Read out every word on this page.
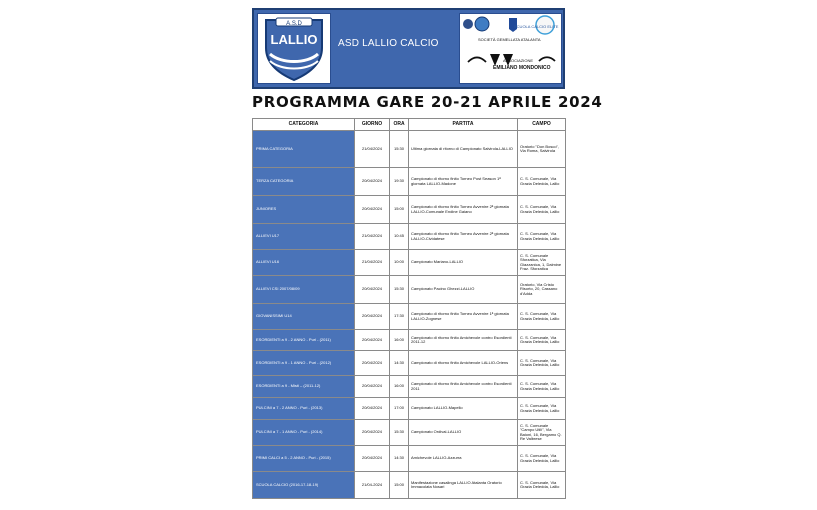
A.S.D
LALLIO ASD LALLIO CALCIO
SCUOLA CALCIO ELITE
SOCIETÀ GEMELLATA ATALANTA
ASSOCIAZIONE
EMILIANO MONDONICO
PROGRAMMA GARE 20-21 APRILE 2024
CATEGORIA	GIORNO	ORA	PARTITA	CAMPO
PRIMA CATEGORIA	21/04/2024	15:30	Ultima giornata di ritorno di Campionato Salvirola-LALLIO	Oratorio "Don Bosco", Via Roma, Salvirola
TERZA CATEGORIA	20/04/2024	19:30	Campionato di ritorno finito Torneo Post Season 1ª giornata LALLIO-Madone	C. S. Comunale, Via Grazia Deledda, Lallio
JUNIORES	20/04/2024	15:00	Campionato di ritorno finito Torneo Avvenire 2ª giornata LALLIO-Comunale Endine Gaiano	C. S. Comunale, Via Grazia Deledda, Lallio
ALLIEVI U17	21/04/2024	10:45	Campionato di ritorno finito Torneo Avvenire 2ª giornata LALLIO-Cividatese	C. S. Comunale, Via Grazia Deledda, Lallio
ALLIEVI U16	21/04/2024	10:00	Campionato Mariano-LALLIO	C. S. Comunale Sforzatica, Via Giazzanica, 1, Dalmine Fraz. Sforzatica
ALLIEVI CSI 2007/08/09	20/04/2024	15:30	Campionato Pacino Ghezzi-LALLIO	Oratorio, Via Cristo Risorto, 20, Cassano d'Adda
GIOVANISSIMI U14	20/04/2024	17:30	Campionato di ritorno finito Torneo Avvenire 1ª giornata LALLIO-Zognese	C. S. Comunale, Via Grazia Deledda, Lallio
ESORDIENTI a 9 - 2 ANNO - Puri - (2011)	20/04/2024	16:00	Campionato di ritorno finito Amichevole contro Esordienti 2011-12	C. S. Comunale, Via Grazia Deledda, Lallio
ESORDIENTI a 9 - 1 ANNO - Puri - (2012)	20/04/2024	14:30	Campionato di ritorno finito Amichevole LALLIO-Oriens	C. S. Comunale, Via Grazia Deledda, Lallio
ESORDIENTI a 9 - Misti – (2011-12)	20/04/2024	16:00	Campionato di ritorno finito Amichevole contro Esordienti 2011	C. S. Comunale, Via Grazia Deledda, Lallio
PULCINI a 7 - 2 ANNO - Puri - (2013)	20/04/2024	17:00	Campionato LALLIO-Mapello	C. S. Comunale, Via Grazia Deledda, Lallio
PULCINI a 7 - 1 ANNO - Puri - (2014)	20/04/2024	15:30	Campionato Ordival-LALLIO	C. S. Comunale "Campo Utili", Via Baioni, 16, Bergamo Q. Re Valbrese
PRIMI CALCI a 5 - 2 ANNO - Puri - (2015)	20/04/2024	14:30	Amichevole LALLIO-Azzurra	C. S. Comunale, Via Grazia Deledda, Lallio
SCUOLA CALCIO (2016-17-18-19)	21/04-2024	15:00	Manifestazione casalinga LALLIO Atalanta Oratorio Immacolata Nosari	C. S. Comunale, Via Grazia Deledda, Lallio
